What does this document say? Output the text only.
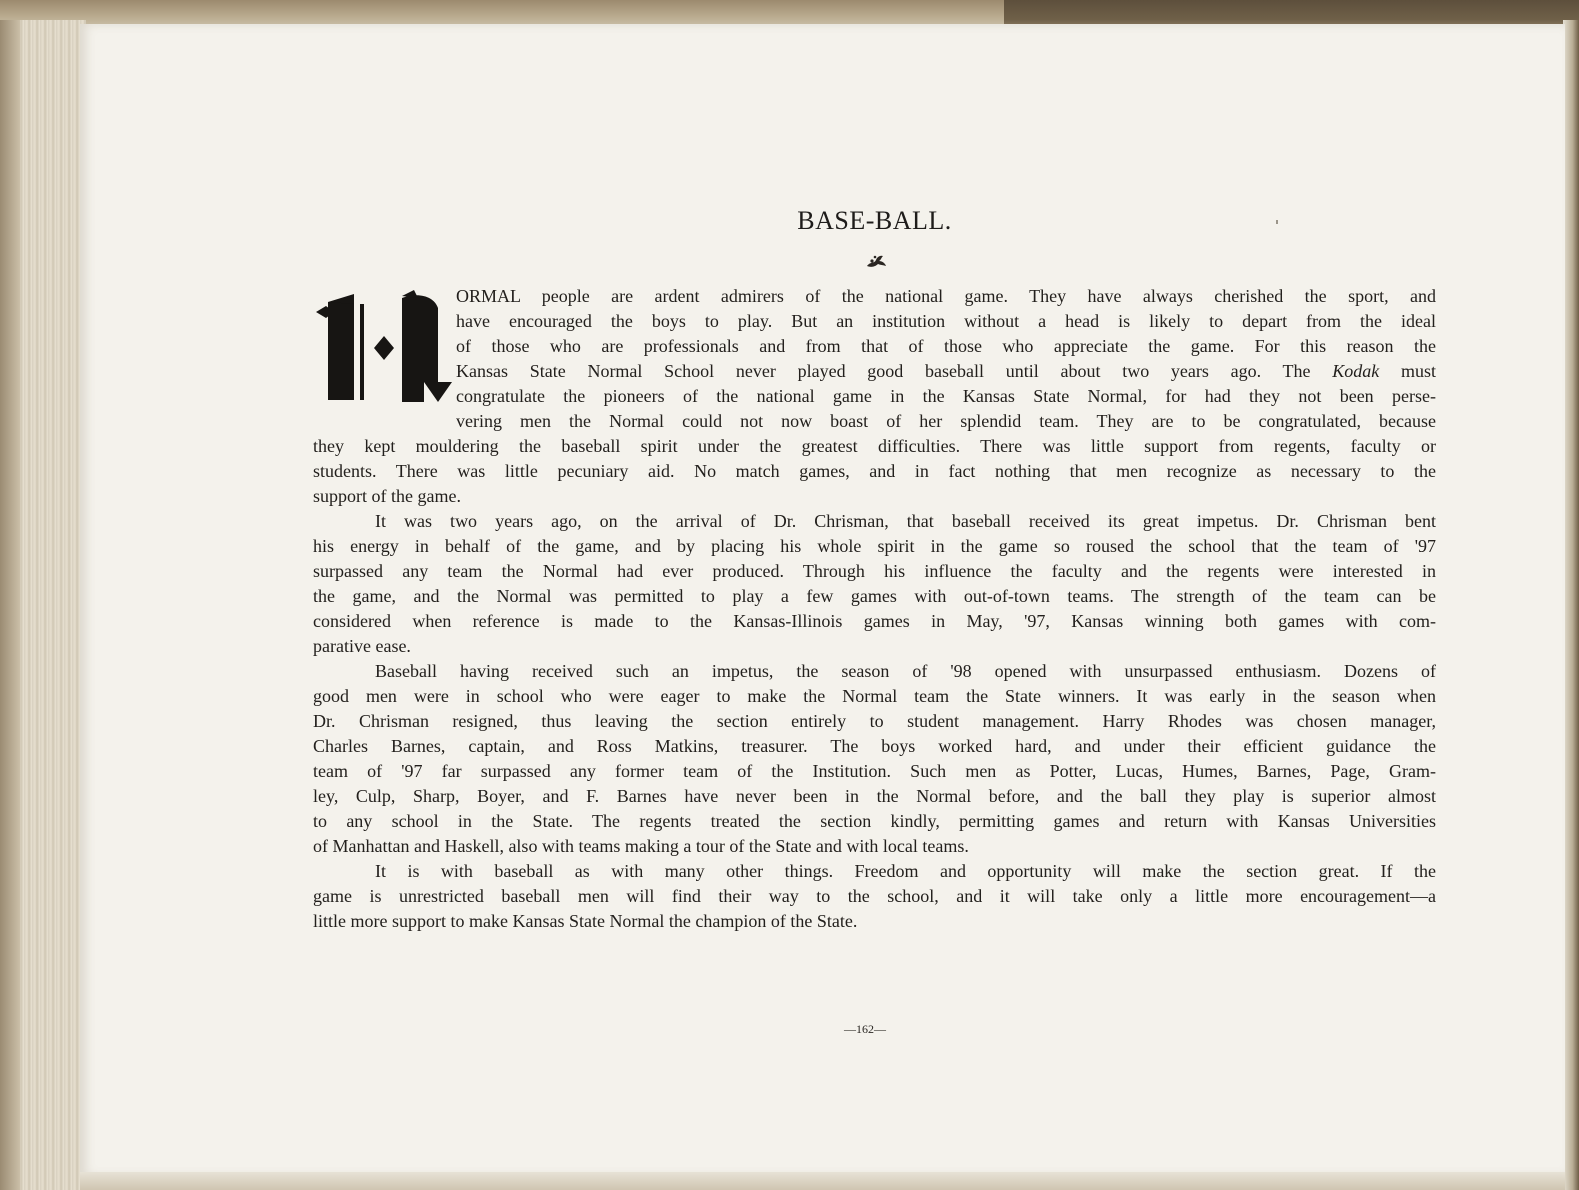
BASE-BALL.
ORMAL people are ardent admirers of the national game. They have always cherished the sport, and
have encouraged the boys to play. But an institution without a head is likely to depart from the ideal
of those who are professionals and from that of those who appreciate the game. For this reason the
Kansas State Normal School never played good baseball until about two years ago. The Kodak must
congratulate the pioneers of the national game in the Kansas State Normal, for had they not been perse-
vering men the Normal could not now boast of her splendid team. They are to be congratulated, because
they kept mouldering the baseball spirit under the greatest difficulties. There was little support from regents, faculty or
students. There was little pecuniary aid. No match games, and in fact nothing that men recognize as necessary to the
support of the game.
It was two years ago, on the arrival of Dr. Chrisman, that baseball received its great impetus. Dr. Chrisman bent
his energy in behalf of the game, and by placing his whole spirit in the game so roused the school that the team of '97
surpassed any team the Normal had ever produced. Through his influence the faculty and the regents were interested in
the game, and the Normal was permitted to play a few games with out-of-town teams. The strength of the team can be
considered when reference is made to the Kansas-Illinois games in May, '97, Kansas winning both games with com-
parative ease.
Baseball having received such an impetus, the season of '98 opened with unsurpassed enthusiasm. Dozens of
good men were in school who were eager to make the Normal team the State winners. It was early in the season when
Dr. Chrisman resigned, thus leaving the section entirely to student management. Harry Rhodes was chosen manager,
Charles Barnes, captain, and Ross Matkins, treasurer. The boys worked hard, and under their efficient guidance the
team of '97 far surpassed any former team of the Institution. Such men as Potter, Lucas, Humes, Barnes, Page, Gram-
ley, Culp, Sharp, Boyer, and F. Barnes have never been in the Normal before, and the ball they play is superior almost
to any school in the State. The regents treated the section kindly, permitting games and return with Kansas Universities
of Manhattan and Haskell, also with teams making a tour of the State and with local teams.
It is with baseball as with many other things. Freedom and opportunity will make the section great. If the
game is unrestricted baseball men will find their way to the school, and it will take only a little more encouragement—a
little more support to make Kansas State Normal the champion of the State.
—162—
